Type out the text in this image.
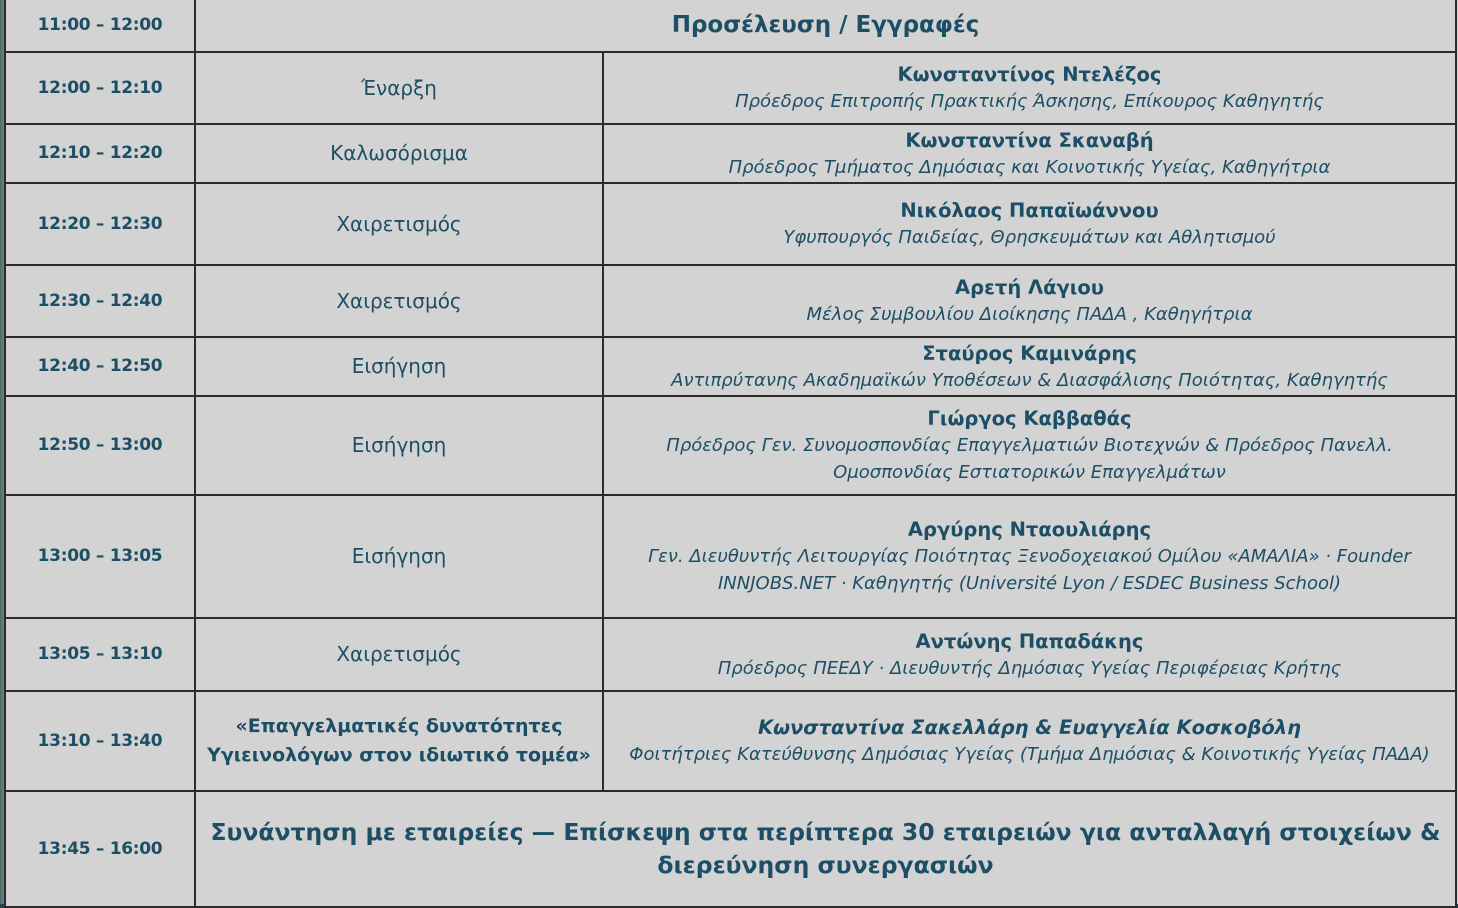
11:00 – 12:00	Προσέλευση / Εγγραφές	
12:00 – 12:10	Έναρξη	Κωνσταντίνος Ντελέζος
Πρόεδρος Επιτροπής Πρακτικής Άσκησης, Επίκουρος Καθηγητής

12:10 – 12:20	Καλωσόρισμα	Κωνσταντίνα Σκαναβή
Πρόεδρος Τμήματος Δημόσιας και Κοινοτικής Υγείας, Καθηγήτρια

12:20 – 12:30	Χαιρετισμός	Νικόλαος Παπαϊωάννου
Υφυπουργός Παιδείας, Θρησκευμάτων και Αθλητισμού

12:30 – 12:40	Χαιρετισμός	Αρετή Λάγιου
Μέλος Συμβουλίου Διοίκησης ΠΑΔΑ , Καθηγήτρια

12:40 – 12:50	Εισήγηση	Σταύρος Καμινάρης
Αντιπρύτανης Ακαδημαϊκών Υποθέσεων & Διασφάλισης Ποιότητας, Καθηγητής

12:50 – 13:00	Εισήγηση	Γιώργος Καββαθάς
Πρόεδρος Γεν. Συνομοσπονδίας Επαγγελματιών Βιοτεχνών & Πρόεδρος Πανελλ. Ομοσπονδίας Εστιατορικών Επαγγελμάτων

13:00 – 13:05	Εισήγηση	Αργύρης Νταουλιάρης
Γεν. Διευθυντής Λειτουργίας Ποιότητας Ξενοδοχειακού Ομίλου «ΑΜΑΛΙΑ» · Founder INNJOBS.NET · Καθηγητής (Université Lyon / ESDEC Business School)

13:05 – 13:10	Χαιρετισμός	Αντώνης Παπαδάκης
Πρόεδρος ΠΕΕΔΥ · Διευθυντής Δημόσιας Υγείας Περιφέρειας Κρήτης

13:10 – 13:40	«Επαγγελματικές δυνατότητες Υγιεινολόγων στον ιδιωτικό τομέα»	Κωνσταντίνα Σακελλάρη & Ευαγγελία Κοσκοβόλη
Φοιτήτριες Κατεύθυνσης Δημόσιας Υγείας (Τμήμα Δημόσιας & Κοινοτικής Υγείας ΠΑΔΑ)

13:45 – 16:00	Συνάντηση με εταιρείες — Επίσκεψη στα περίπτερα 30 εταιρειών για ανταλλαγή στοιχείων & διερεύνηση συνεργασιών	
